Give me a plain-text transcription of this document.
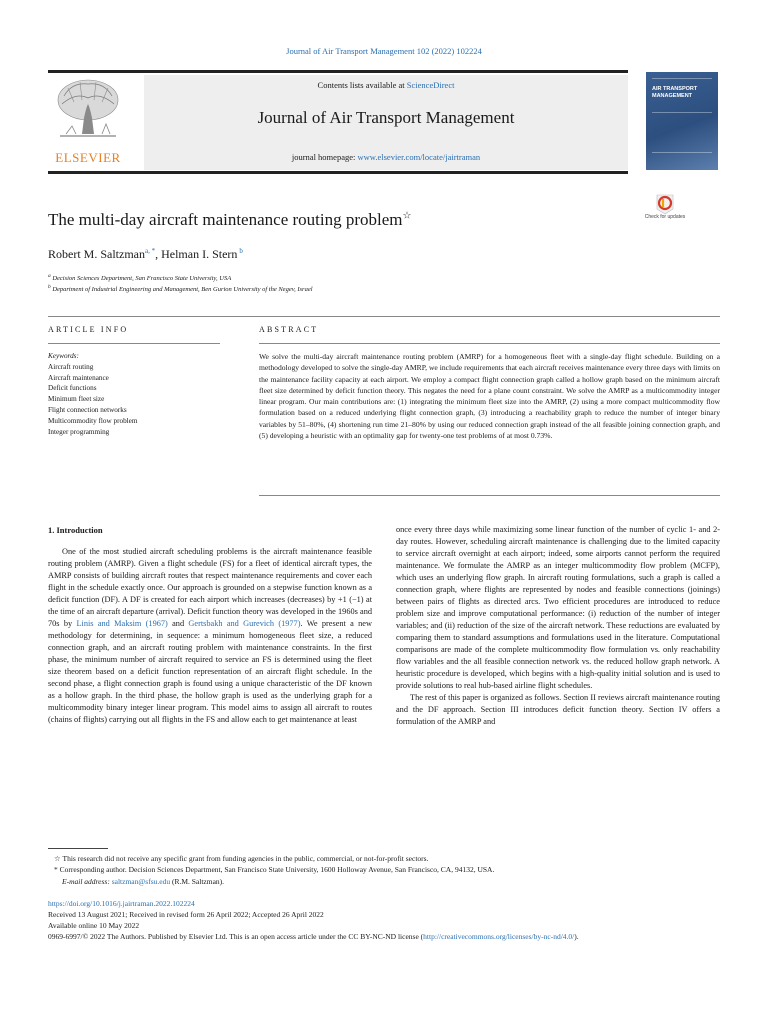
Journal of Air Transport Management 102 (2022) 102224
Contents lists available at ScienceDirect
Journal of Air Transport Management
journal homepage: www.elsevier.com/locate/jairtraman
ELSEVIER
AIR TRANSPORT
MANAGEMENT
Check for updates
The multi-day aircraft maintenance routing problem☆
Robert M. Saltzman$^{a, *}$, Helman I. Stern $^b$
$^a$ Decision Sciences Department, San Francisco State University, USA
$^b$ Department of Industrial Engineering and Management, Ben Gurion University of the Negev, Israel
ARTICLE INFO	ABSTRACT
Keywords:
Aircraft routing
Aircraft maintenance
Deficit functions
Minimum fleet size
Flight connection networks
Multicommodity flow problem
Integer programming
We solve the multi-day aircraft maintenance routing problem (AMRP) for a homogeneous fleet with a single-day flight schedule. Building on a methodology developed to solve the single-day AMRP, we include requirements that each aircraft receives maintenance every three days with limits on the maintenance facility capacity at each airport. We employ a compact flight connection graph called a hollow graph based on the minimum aircraft fleet size determined by deficit function theory. This negates the need for a plane count constraint. We solve the AMRP as a multicommodity integer linear program. Our main contributions are: (1) integrating the minimum fleet size into the AMRP, (2) using a more compact multicommodity flow formulation based on a reduced underlying flight connection graph, (3) introducing a reachability graph to reduce the number of integer binary variables by 51–80%, (4) shortening run time 21–80% by using our reduced connection graph instead of the all feasible joining connection graph, and (5) developing a heuristic with an optimality gap for twenty-one test problems of at most 0.73%.

1. Introduction

One of the most studied aircraft scheduling problems is the aircraft maintenance feasible routing problem (AMRP). Given a flight schedule (FS) for a fleet of identical aircraft types, the AMRP consists of building aircraft routes that respect maintenance requirements and cover each flight in the schedule exactly once. Our approach is grounded on a stepwise function known as a deficit function (DF). A DF is created for each airport which increases (decreases) by +1 (−1) at the time of an aircraft departure (arrival). Deficit function theory was developed in the 1960s and 70s by Linis and Maksim (1967) and Gertsbakh and Gurevich (1977). We present a new methodology for determining, in sequence: a minimum homogeneous fleet size, a reduced connection graph, and an aircraft routing problem with maintenance constraints. In the first phase, the minimum number of aircraft required to service an FS is determined using the fleet size theorem based on a deficit function representation of an aircraft flight schedule. In the second phase, a flight connection graph is found using a unique characteristic of the DF known as a hollow graph. In the third phase, the hollow graph is used as the underlying graph for a multicommodity binary integer linear program. This model aims to assign all aircraft to routes (chains of flights) carrying out all flights in the FS and allow each to get maintenance at least

once every three days while maximizing some linear function of the number of cyclic 1- and 2-day routes. However, scheduling aircraft maintenance is challenging due to the limited capacity to service aircraft overnight at each airport; indeed, some airports cannot perform the required maintenance. We formulate the AMRP as an integer multicommodity flow problem (MCFP), which uses an underlying flow graph. In aircraft routing formulations, such a graph is called a connection graph, where flights are represented by nodes and feasible connections (joinings) between pairs of flights as directed arcs. Two efficient procedures are introduced to reduce problem size and improve computational performance: (i) reduction of the number of integer variables; and (ii) reduction of the size of the aircraft network. These reductions are evaluated by comparing them to standard assumptions and formulations used in the literature. Computational comparisons are made of the complete multicommodity flow formulation vs. only reachability flow variables and the all feasible connection network vs. the reduced hollow graph network. A heuristic procedure is developed, which begins with a high-quality initial solution and is used to provide solutions to real hub-based airline flight schedules.

The rest of this paper is organized as follows. Section II reviews aircraft maintenance routing and the DF approach. Section III introduces deficit function theory. Section IV offers a formulation of the AMRP and

☆ This research did not receive any specific grant from funding agencies in the public, commercial, or not-for-profit sectors.
* Corresponding author. Decision Sciences Department, San Francisco State University, 1600 Holloway Avenue, San Francisco, CA, 94132, USA.
E-mail address: saltzman@sfsu.edu (R.M. Saltzman).
https://doi.org/10.1016/j.jairtraman.2022.102224
Received 13 August 2021; Received in revised form 26 April 2022; Accepted 26 April 2022
Available online 10 May 2022
0969-6997/© 2022 The Authors. Published by Elsevier Ltd. This is an open access article under the CC BY-NC-ND license (http://creativecommons.org/licenses/by-nc-nd/4.0/).
